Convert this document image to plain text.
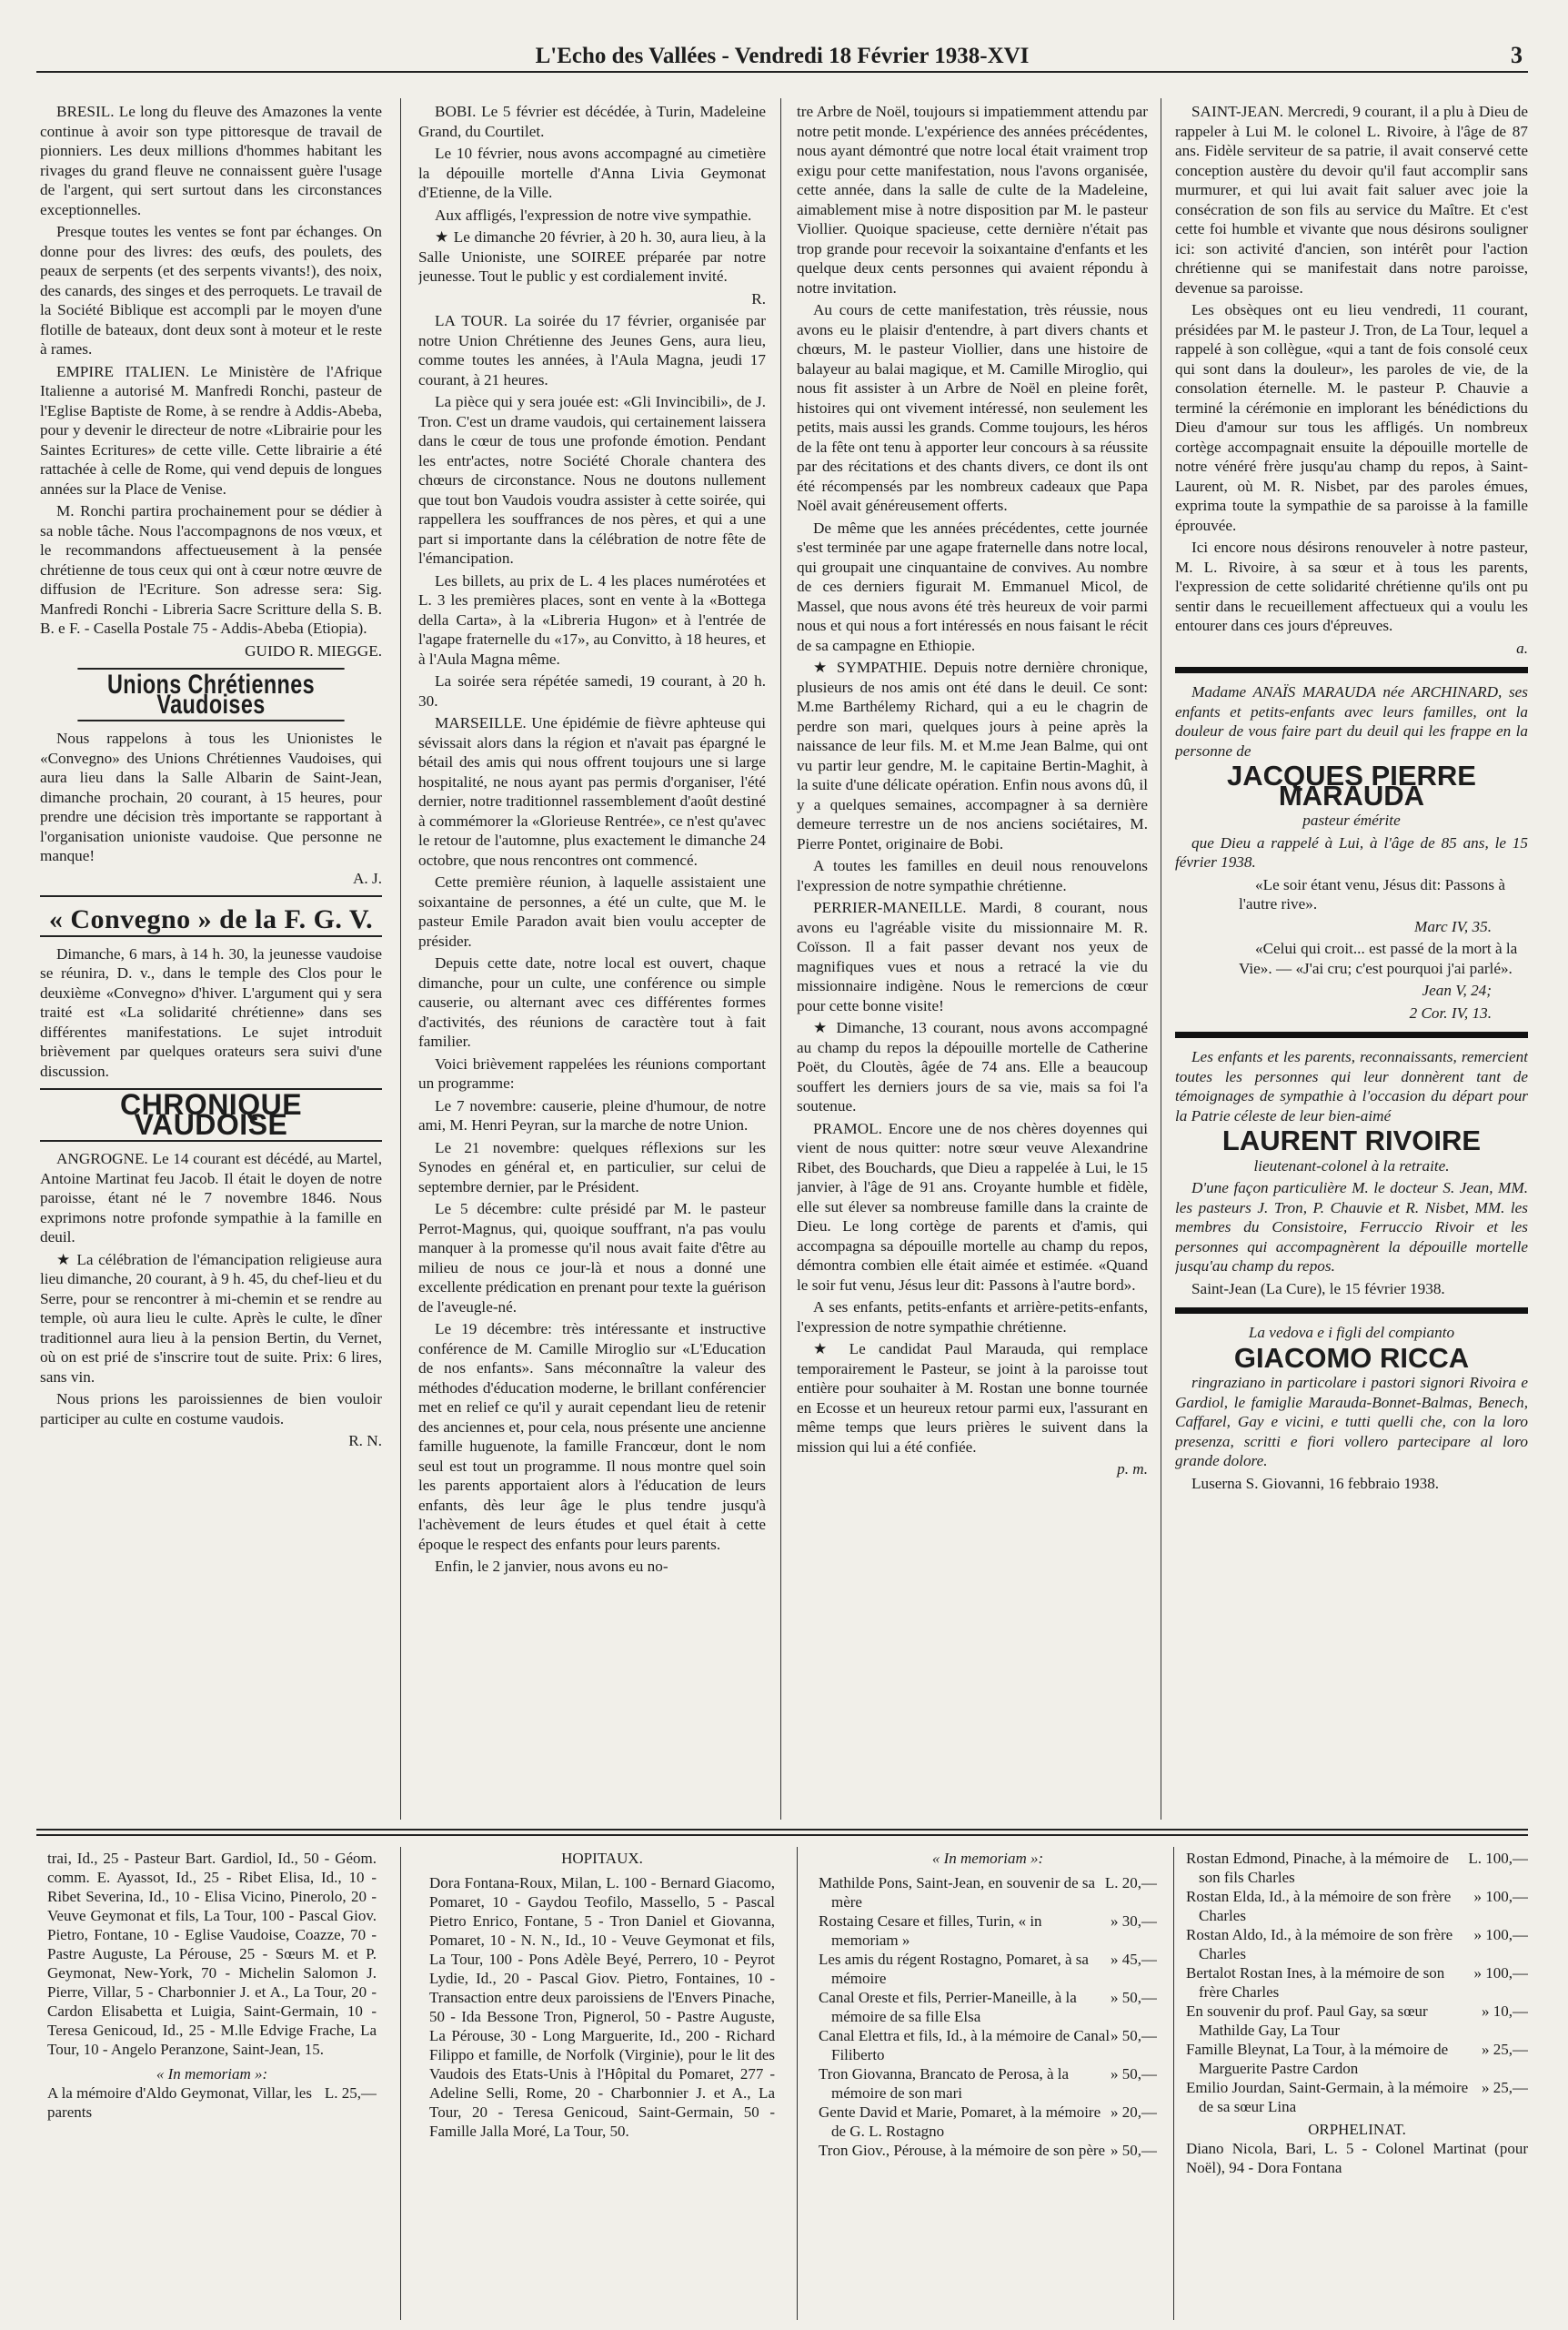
L'Echo des Vallées - Vendredi 18 Février 1938-XVI	3

BRESIL. Le long du fleuve des Amazones la vente continue à avoir son type pittoresque de travail de pionniers. Les deux millions d'hommes habitant les rivages du grand fleuve ne connaissent guère l'usage de l'argent, qui sert surtout dans les circonstances exceptionnelles.

Presque toutes les ventes se font par échanges. On donne pour des livres: des œufs, des poulets, des peaux de serpents (et des serpents vivants!), des noix, des canards, des singes et des perroquets. Le travail de la Société Biblique est accompli par le moyen d'une flotille de bateaux, dont deux sont à moteur et le reste à rames.

EMPIRE ITALIEN. Le Ministère de l'Afrique Italienne a autorisé M. Manfredi Ronchi, pasteur de l'Eglise Baptiste de Rome, à se rendre à Addis-Abeba, pour y devenir le directeur de notre «Librairie pour les Saintes Ecritures» de cette ville. Cette librairie a été rattachée à celle de Rome, qui vend depuis de longues années sur la Place de Venise.

M. Ronchi partira prochainement pour se dédier à sa noble tâche. Nous l'accompagnons de nos vœux, et le recommandons affectueusement à la pensée chrétienne de tous ceux qui ont à cœur notre œuvre de diffusion de l'Ecriture. Son adresse sera: Sig. Manfredi Ronchi - Libreria Sacre Scritture della S. B. B. e F. - Casella Postale 75 - Addis-Abeba (Etiopia).

GUIDO R. MIEGGE.

Unions Chrétiennes Vaudoises

Nous rappelons à tous les Unionistes le «Convegno» des Unions Chrétiennes Vaudoises, qui aura lieu dans la Salle Albarin de Saint-Jean, dimanche prochain, 20 courant, à 15 heures, pour prendre une décision très importante se rapportant à l'organisation unioniste vaudoise. Que personne ne manque!

A. J.

« Convegno » de la F. G. V.

Dimanche, 6 mars, à 14 h. 30, la jeunesse vaudoise se réunira, D. v., dans le temple des Clos pour le deuxième «Convegno» d'hiver. L'argument qui y sera traité est «La solidarité chrétienne» dans ses différentes manifestations. Le sujet introduit brièvement par quelques orateurs sera suivi d'une discussion.

CHRONIQUE VAUDOISE

ANGROGNE. Le 14 courant est décédé, au Martel, Antoine Martinat feu Jacob. Il était le doyen de notre paroisse, étant né le 7 novembre 1846. Nous exprimons notre profonde sympathie à la famille en deuil.

★ La célébration de l'émancipation religieuse aura lieu dimanche, 20 courant, à 9 h. 45, du chef-lieu et du Serre, pour se rencontrer à mi-chemin et se rendre au temple, où aura lieu le culte. Après le culte, le dîner traditionnel aura lieu à la pension Bertin, du Vernet, où on est prié de s'inscrire tout de suite. Prix: 6 lires, sans vin.

Nous prions les paroissiennes de bien vouloir participer au culte en costume vaudois.

R. N.

BOBI. Le 5 février est décédée, à Turin, Madeleine Grand, du Courtilet.

Le 10 février, nous avons accompagné au cimetière la dépouille mortelle d'Anna Livia Geymonat d'Etienne, de la Ville.

Aux affligés, l'expression de notre vive sympathie.

★ Le dimanche 20 février, à 20 h. 30, aura lieu, à la Salle Unioniste, une SOIREE préparée par notre jeunesse. Tout le public y est cordialement invité.

R.

LA TOUR. La soirée du 17 février, organisée par notre Union Chrétienne des Jeunes Gens, aura lieu, comme toutes les années, à l'Aula Magna, jeudi 17 courant, à 21 heures.

La pièce qui y sera jouée est: «Gli Invincibili», de J. Tron. C'est un drame vaudois, qui certainement laissera dans le cœur de tous une profonde émotion. Pendant les entr'actes, notre Société Chorale chantera des chœurs de circonstance. Nous ne doutons nullement que tout bon Vaudois voudra assister à cette soirée, qui rappellera les souffrances de nos pères, et qui a une part si importante dans la célébration de notre fête de l'émancipation.

Les billets, au prix de L. 4 les places numérotées et L. 3 les premières places, sont en vente à la «Bottega della Carta», à la «Libreria Hugon» et à l'entrée de l'agape fraternelle du «17», au Convitto, à 18 heures, et à l'Aula Magna même.

La soirée sera répétée samedi, 19 courant, à 20 h. 30.

MARSEILLE. Une épidémie de fièvre aphteuse qui sévissait alors dans la région et n'avait pas épargné le bétail des amis qui nous offrent toujours une si large hospitalité, ne nous ayant pas permis d'organiser, l'été dernier, notre traditionnel rassemblement d'août destiné à commémorer la «Glorieuse Rentrée», ce n'est qu'avec le retour de l'automne, plus exactement le dimanche 24 octobre, que nous rencontres ont commencé.

Cette première réunion, à laquelle assistaient une soixantaine de personnes, a été un culte, que M. le pasteur Emile Paradon avait bien voulu accepter de présider.

Depuis cette date, notre local est ouvert, chaque dimanche, pour un culte, une conférence ou simple causerie, ou alternant avec ces différentes formes d'activités, des réunions de caractère tout à fait familier.

Voici brièvement rappelées les réunions comportant un programme:

Le 7 novembre: causerie, pleine d'humour, de notre ami, M. Henri Peyran, sur la marche de notre Union.

Le 21 novembre: quelques réflexions sur les Synodes en général et, en particulier, sur celui de septembre dernier, par le Président.

Le 5 décembre: culte présidé par M. le pasteur Perrot-Magnus, qui, quoique souffrant, n'a pas voulu manquer à la promesse qu'il nous avait faite d'être au milieu de nous ce jour-là et nous a donné une excellente prédication en prenant pour texte la guérison de l'aveugle-né.

Le 19 décembre: très intéressante et instructive conférence de M. Camille Miroglio sur «L'Education de nos enfants». Sans méconnaître la valeur des méthodes d'éducation moderne, le brillant conférencier met en relief ce qu'il y aurait cependant lieu de retenir des anciennes et, pour cela, nous présente une ancienne famille huguenote, la famille Francœur, dont le nom seul est tout un programme. Il nous montre quel soin les parents apportaient alors à l'éducation de leurs enfants, dès leur âge le plus tendre jusqu'à l'achèvement de leurs études et quel était à cette époque le respect des enfants pour leurs parents.

Enfin, le 2 janvier, nous avons eu no-

tre Arbre de Noël, toujours si impatiemment attendu par notre petit monde. L'expérience des années précédentes, nous ayant démontré que notre local était vraiment trop exigu pour cette manifestation, nous l'avons organisée, cette année, dans la salle de culte de la Madeleine, aimablement mise à notre disposition par M. le pasteur Viollier. Quoique spacieuse, cette dernière n'était pas trop grande pour recevoir la soixantaine d'enfants et les quelque deux cents personnes qui avaient répondu à notre invitation.

Au cours de cette manifestation, très réussie, nous avons eu le plaisir d'entendre, à part divers chants et chœurs, M. le pasteur Viollier, dans une histoire de balayeur au balai magique, et M. Camille Miroglio, qui nous fit assister à un Arbre de Noël en pleine forêt, histoires qui ont vivement intéressé, non seulement les petits, mais aussi les grands. Comme toujours, les héros de la fête ont tenu à apporter leur concours à sa réussite par des récitations et des chants divers, ce dont ils ont été récompensés par les nombreux cadeaux que Papa Noël avait généreusement offerts.

De même que les années précédentes, cette journée s'est terminée par une agape fraternelle dans notre local, qui groupait une cinquantaine de convives. Au nombre de ces derniers figurait M. Emmanuel Micol, de Massel, que nous avons été très heureux de voir parmi nous et qui nous a fort intéressés en nous faisant le récit de sa campagne en Ethiopie.

★ SYMPATHIE. Depuis notre dernière chronique, plusieurs de nos amis ont été dans le deuil. Ce sont: M.me Barthélemy Richard, qui a eu le chagrin de perdre son mari, quelques jours à peine après la naissance de leur fils. M. et M.me Jean Balme, qui ont vu partir leur gendre, M. le capitaine Bertin-Maghit, à la suite d'une délicate opération. Enfin nous avons dû, il y a quelques semaines, accompagner à sa dernière demeure terrestre un de nos anciens sociétaires, M. Pierre Pontet, originaire de Bobi.

A toutes les familles en deuil nous renouvelons l'expression de notre sympathie chrétienne.

PERRIER-MANEILLE. Mardi, 8 courant, nous avons eu l'agréable visite du missionnaire M. R. Coïsson. Il a fait passer devant nos yeux de magnifiques vues et nous a retracé la vie du missionnaire indigène. Nous le remercions de cœur pour cette bonne visite!

★ Dimanche, 13 courant, nous avons accompagné au champ du repos la dépouille mortelle de Catherine Poët, du Cloutès, âgée de 74 ans. Elle a beaucoup souffert les derniers jours de sa vie, mais sa foi l'a soutenue.

PRAMOL. Encore une de nos chères doyennes qui vient de nous quitter: notre sœur veuve Alexandrine Ribet, des Bouchards, que Dieu a rappelée à Lui, le 15 janvier, à l'âge de 91 ans. Croyante humble et fidèle, elle sut élever sa nombreuse famille dans la crainte de Dieu. Le long cortège de parents et d'amis, qui accompagna sa dépouille mortelle au champ du repos, démontra combien elle était aimée et estimée. «Quand le soir fut venu, Jésus leur dit: Passons à l'autre bord».

A ses enfants, petits-enfants et arrière-petits-enfants, l'expression de notre sympathie chrétienne.

★ Le candidat Paul Marauda, qui remplace temporairement le Pasteur, se joint à la paroisse tout entière pour souhaiter à M. Rostan une bonne tournée en Ecosse et un heureux retour parmi eux, l'assurant en même temps que leurs prières le suivent dans la mission qui lui a été confiée.

p. m.

SAINT-JEAN. Mercredi, 9 courant, il a plu à Dieu de rappeler à Lui M. le colonel L. Rivoire, à l'âge de 87 ans. Fidèle serviteur de sa patrie, il avait conservé cette conception austère du devoir qu'il faut accomplir sans murmurer, et qui lui avait fait saluer avec joie la consécration de son fils au service du Maître. Et c'est cette foi humble et vivante que nous désirons souligner ici: son activité d'ancien, son intérêt pour l'action chrétienne qui se manifestait dans notre paroisse, devenue sa paroisse.

Les obsèques ont eu lieu vendredi, 11 courant, présidées par M. le pasteur J. Tron, de La Tour, lequel a rappelé à son collègue, «qui a tant de fois consolé ceux qui sont dans la douleur», les paroles de vie, de la consolation éternelle. M. le pasteur P. Chauvie a terminé la cérémonie en implorant les bénédictions du Dieu d'amour sur tous les affligés. Un nombreux cortège accompagnait ensuite la dépouille mortelle de notre vénéré frère jusqu'au champ du repos, à Saint-Laurent, où M. R. Nisbet, par des paroles émues, exprima toute la sympathie de sa paroisse à la famille éprouvée.

Ici encore nous désirons renouveler à notre pasteur, M. L. Rivoire, à sa sœur et à tous les parents, l'expression de cette solidarité chrétienne qu'ils ont pu sentir dans le recueillement affectueux qui a voulu les entourer dans ces jours d'épreuves.

a.

Madame ANAÏS MARAUDA née ARCHINARD, ses enfants et petits-enfants avec leurs familles, ont la douleur de vous faire part du deuil qui les frappe en la personne de

JACQUES PIERRE MARAUDA

pasteur émérite

que Dieu a rappelé à Lui, à l'âge de 85 ans, le 15 février 1938.

«Le soir étant venu, Jésus dit: Passons à l'autre rive».

Marc IV, 35.

«Celui qui croit... est passé de la mort à la Vie». — «J'ai cru; c'est pourquoi j'ai parlé».

Jean V, 24;

2 Cor. IV, 13.

Les enfants et les parents, reconnaissants, remercient toutes les personnes qui leur donnèrent tant de témoignages de sympathie à l'occasion du départ pour la Patrie céleste de leur bien-aimé

LAURENT RIVOIRE

lieutenant-colonel à la retraite.

D'une façon particulière M. le docteur S. Jean, MM. les pasteurs J. Tron, P. Chauvie et R. Nisbet, MM. les membres du Consistoire, Ferruccio Rivoir et les personnes qui accompagnèrent la dépouille mortelle jusqu'au champ du repos.

Saint-Jean (La Cure), le 15 février 1938.

La vedova e i figli del compianto

GIACOMO RICCA

ringraziano in particolare i pastori signori Rivoira e Gardiol, le famiglie Marauda-Bonnet-Balmas, Benech, Caffarel, Gay e vicini, e tutti quelli che, con la loro presenza, scritti e fiori vollero partecipare al loro grande dolore.

Luserna S. Giovanni, 16 febbraio 1938.

trai, Id., 25 - Pasteur Bart. Gardiol, Id., 50 - Géom. comm. E. Ayassot, Id., 25 - Ribet Elisa, Id., 10 - Ribet Severina, Id., 10 - Elisa Vicino, Pinerolo, 20 - Veuve Geymonat et fils, La Tour, 100 - Pascal Giov. Pietro, Fontane, 10 - Eglise Vaudoise, Coazze, 70 - Pastre Auguste, La Pérouse, 25 - Sœurs M. et P. Geymonat, New-York, 70 - Michelin Salomon J. Pierre, Villar, 5 - Charbonnier J. et A., La Tour, 20 - Cardon Elisabetta et Luigia, Saint-Germain, 10 - Teresa Genicoud, Id., 25 - M.lle Edvige Frache, La Tour, 10 - Angelo Peranzone, Saint-Jean, 15.

« In memoriam »:

A la mémoire d'Aldo Geymonat, Villar, les parents
L. 25,—

HOPITAUX.

Dora Fontana-Roux, Milan, L. 100 - Bernard Giacomo, Pomaret, 10 - Gaydou Teofilo, Massello, 5 - Pascal Pietro Enrico, Fontane, 5 - Tron Daniel et Giovanna, Pomaret, 10 - N. N., Id., 10 - Veuve Geymonat et fils, La Tour, 100 - Pons Adèle Beyé, Perrero, 10 - Peyrot Lydie, Id., 20 - Pascal Giov. Pietro, Fontaines, 10 - Transaction entre deux paroissiens de l'Envers Pinache, 50 - Ida Bessone Tron, Pignerol, 50 - Pastre Auguste, La Pérouse, 30 - Long Marguerite, Id., 200 - Richard Filippo et famille, de Norfolk (Virginie), pour le lit des Vaudois des Etats-Unis à l'Hôpital du Pomaret, 277 - Adeline Selli, Rome, 20 - Charbonnier J. et A., La Tour, 20 - Teresa Genicoud, Saint-Germain, 50 - Famille Jalla Moré, La Tour, 50.

« In memoriam »:

Mathilde Pons, Saint-Jean, en souvenir de sa mère
L. 20,—
Rostaing Cesare et filles, Turin, « in memoriam »
» 30,—
Les amis du régent Rostagno, Pomaret, à sa mémoire
» 45,—
Canal Oreste et fils, Perrier-Maneille, à la mémoire de sa fille Elsa
» 50,—
Canal Elettra et fils, Id., à la mémoire de Canal Filiberto
» 50,—
Tron Giovanna, Brancato de Perosa, à la mémoire de son mari
» 50,—
Gente David et Marie, Pomaret, à la mémoire de G. L. Rostagno
» 20,—
Tron Giov., Pérouse, à la mémoire de son père » 50,—
Rostan Edmond, Pinache, à la mémoire de son fils Charles
L. 100,—
Rostan Elda, Id., à la mémoire de son frère Charles
» 100,—
Rostan Aldo, Id., à la mémoire de son frère Charles
» 100,—
Bertalot Rostan Ines, à la mémoire de son frère Charles
» 100,—
En souvenir du prof. Paul Gay, sa sœur Mathilde Gay, La Tour
» 10,—
Famille Bleynat, La Tour, à la mémoire de Marguerite Pastre Cardon
» 25,—
Emilio Jourdan, Saint-Germain, à la mémoire de sa sœur Lina
» 25,—

ORPHELINAT.

Diano Nicola, Bari, L. 5 - Colonel Martinat (pour Noël), 94 - Dora Fontana
